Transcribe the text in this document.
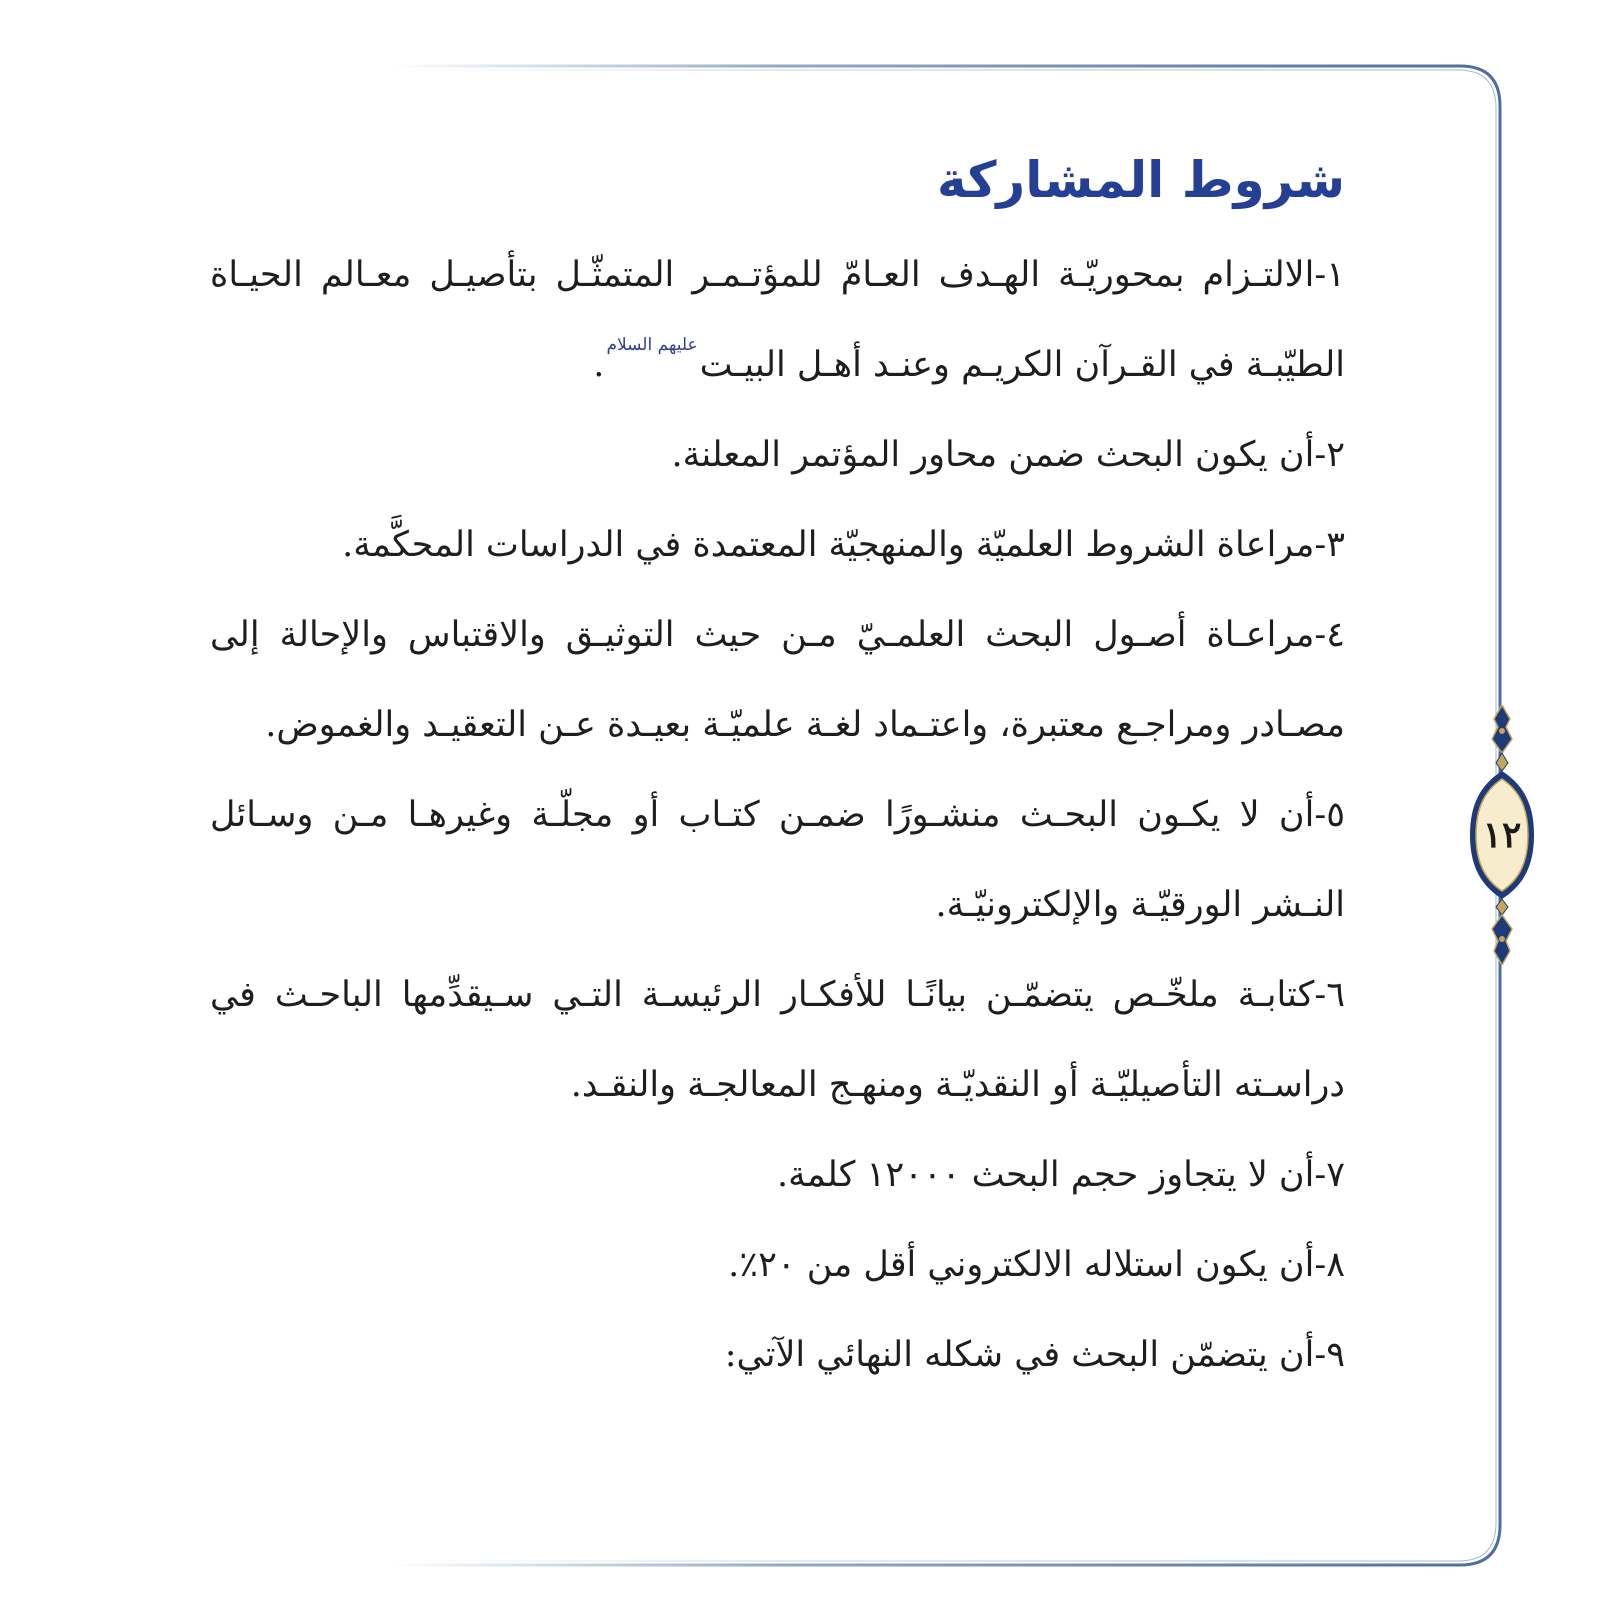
شروط المشاركة
١-الالتـزام بمحوريّـة الهـدف العـامّ للمؤتـمـر المتمثّـل بتأصيـل معـالم الحيـاة الطيّبـة في القـرآن الكريـم وعنـد أهـل البيـتعليهم السلام.
٢-أن يكون البحث ضمن محاور المؤتمر المعلنة.
٣-مراعاة الشروط العلميّة والمنهجيّة المعتمدة في الدراسات المحكَّمة.
٤-مراعـاة أصـول البحث العلمـيّ مـن حيث التوثيـق والاقتباس والإحالة إلى مصـادر ومراجـع معتبرة، واعتـماد لغـة علميّـة بعيـدة عـن التعقيـد والغموض.
٥-أن لا يكـون البحـث منشـورًا ضمـن كتـاب أو مجلّـة وغيرهـا مـن وسـائل النـشر الورقيّـة والإلكترونيّـة.
٦-كتابـة ملخّـص يتضمّـن بيانًـا للأفكـار الرئيسـة التـي سـيقدِّمها الباحـث في دراسـته التأصيليّـة أو النقديّـة ومنهـج المعالجـة والنقـد.
٧-أن لا يتجاوز حجم البحث ١٢٠٠٠ كلمة.
٨-أن يكون استلاله الالكتروني أقل من ٢٠٪.
٩-أن يتضمّن البحث في شكله النهائي الآتي:
١٢
